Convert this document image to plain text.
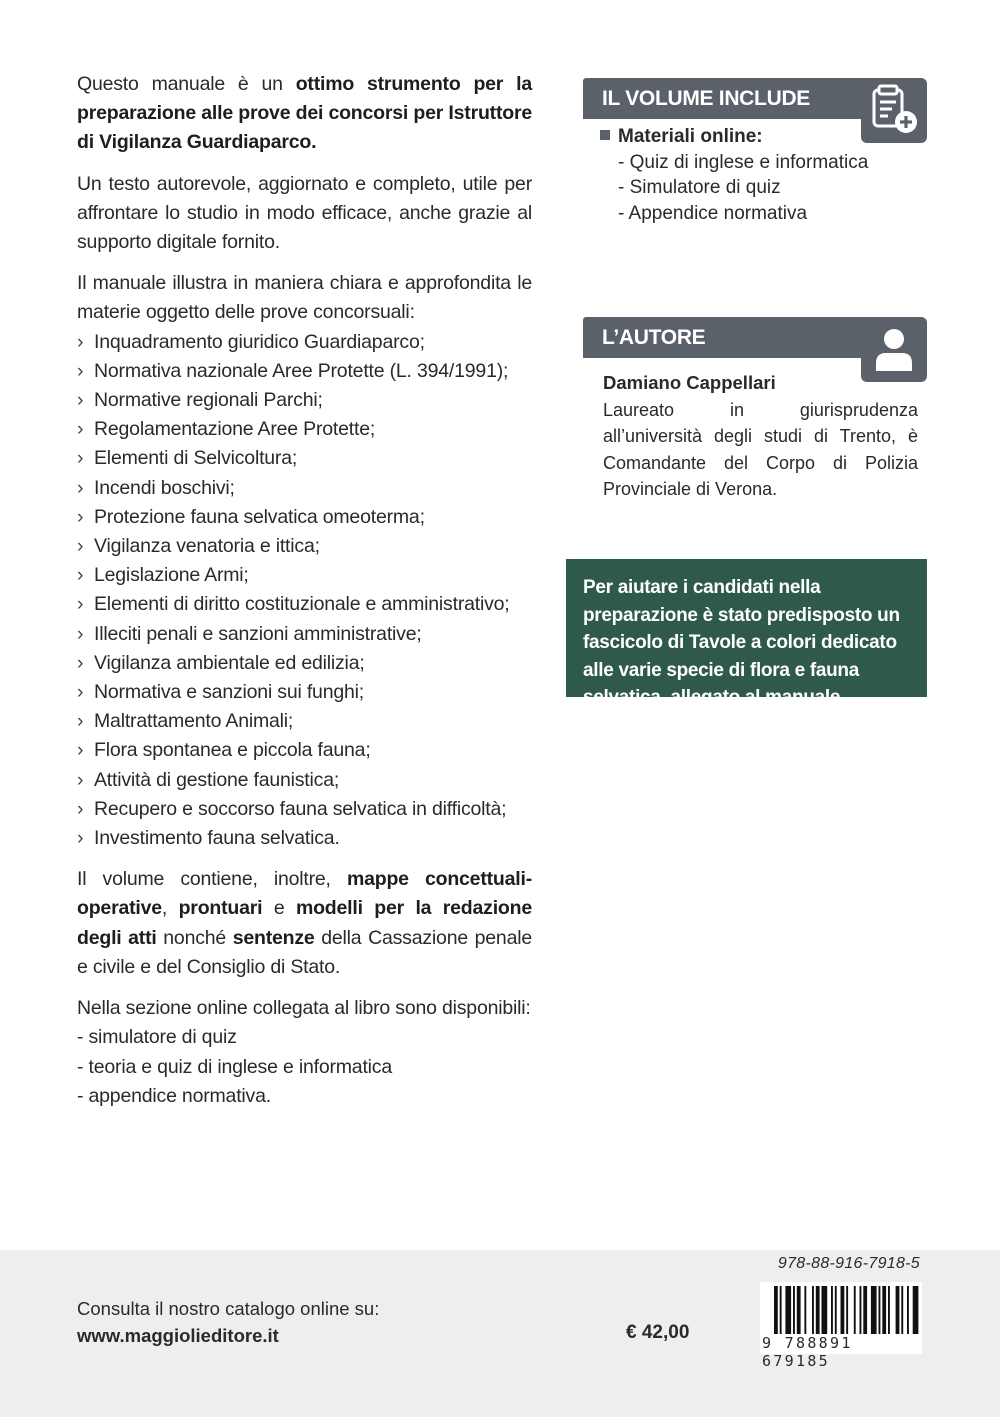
Questo manuale è un ottimo strumento per la preparazione alle prove dei concorsi per Istruttore di Vigilanza Guardiaparco.

Un testo autorevole, aggiornato e completo, utile per affrontare lo studio in modo efficace, anche grazie al supporto digitale fornito.

Il manuale illustra in maniera chiara e approfondita le materie oggetto delle prove concorsuali:

› Inquadramento giuridico Guardiaparco;
› Normativa nazionale Aree Protette (L. 394/1991);
› Normative regionali Parchi;
› Regolamentazione Aree Protette;
› Elementi di Selvicoltura;
› Incendi boschivi;
› Protezione fauna selvatica omeoterma;
› Vigilanza venatoria e ittica;
› Legislazione Armi;
› Elementi di diritto costituzionale e amministrativo;
› Illeciti penali e sanzioni amministrative;
› Vigilanza ambientale ed edilizia;
› Normativa e sanzioni sui funghi;
› Maltrattamento Animali;
› Flora spontanea e piccola fauna;
› Attività di gestione faunistica;
› Recupero e soccorso fauna selvatica in difficoltà;
› Investimento fauna selvatica.

Il volume contiene, inoltre, mappe concettuali-operative, prontuari e modelli per la redazione degli atti nonché sentenze della Cassazione penale e civile e del Consiglio di Stato.

Nella sezione online collegata al libro sono disponibili:

- simulatore di quiz
- teoria e quiz di inglese e informatica
- appendice normativa.
IL VOLUME INCLUDE
Materiali online:
- Quiz di inglese e informatica
- Simulatore di quiz
- Appendice normativa
L’AUTORE
Damiano Cappellari
Laureato in giurisprudenza all’università degli studi di Trento, è Comandante del Corpo di Polizia Provinciale di Verona.
Per aiutare i candidati nella preparazione è stato predisposto un fascicolo di Tavole a colori dedicato alle varie specie di flora e fauna selvatica, allegato al manuale.
Consulta il nostro catalogo online su:
www.maggiolieditore.it	€ 42,00
978-88-916-7918-5
9 788891 679185
